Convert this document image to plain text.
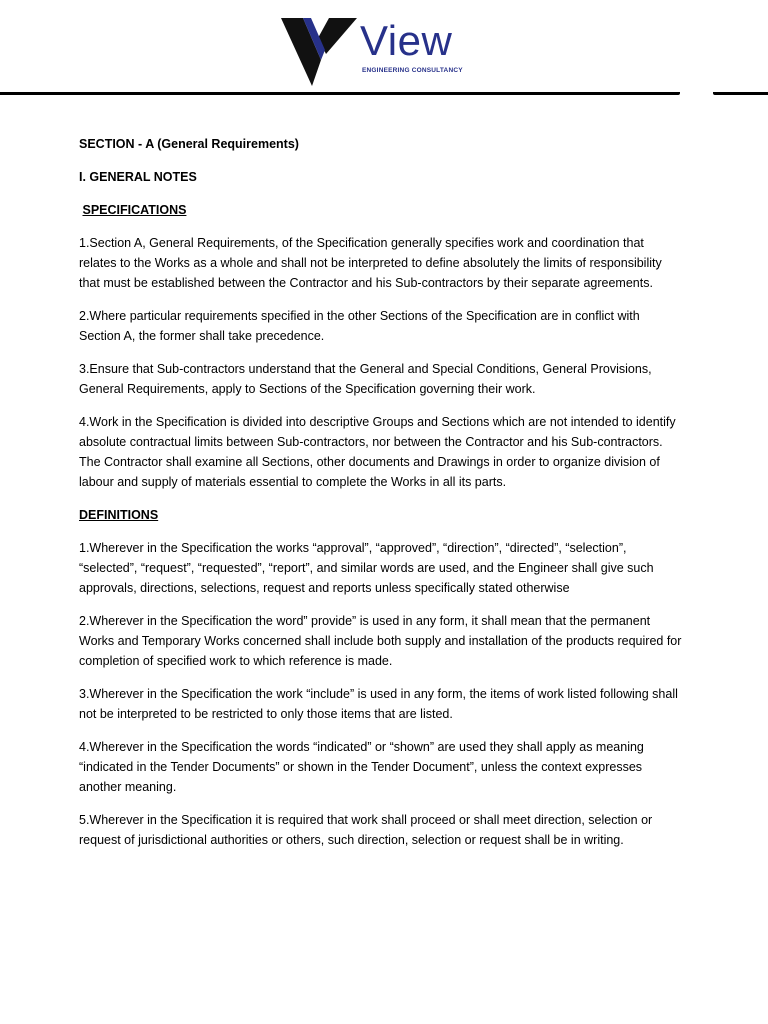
View
ENGINEERING CONSULTANCY

SECTION - A (General Requirements)

I. GENERAL NOTES

SPECIFICATIONS

1.Section A, General Requirements, of the Specification generally specifies work and coordination that relates to the Works as a whole and shall not be interpreted to define absolutely the limits of responsibility that must be established between the Contractor and his Sub-contractors by their separate agreements.

2.Where particular requirements specified in the other Sections of the Specification are in conflict with Section A, the former shall take precedence.

3.Ensure that Sub-contractors understand that the General and Special Conditions, General Provisions, General Requirements, apply to Sections of the Specification governing their work.

4.Work in the Specification is divided into descriptive Groups and Sections which are not intended to identify absolute contractual limits between Sub-contractors, nor between the Contractor and his Sub-contractors. The Contractor shall examine all Sections, other documents and Drawings in order to organize division of labour and supply of materials essential to complete the Works in all its parts.

DEFINITIONS

1.Wherever in the Specification the works “approval”, “approved”, “direction”, “directed”, “selection”, “selected”, “request”, “requested”, “report”, and similar words are used, and the Engineer shall give such approvals, directions, selections, request and reports unless specifically stated otherwise

2.Wherever in the Specification the word” provide” is used in any form, it shall mean that the permanent Works and Temporary Works concerned shall include both supply and installation of the products required for completion of specified work to which reference is made.

3.Wherever in the Specification the work “include” is used in any form, the items of work listed following shall not be interpreted to be restricted to only those items that are listed.

4.Wherever in the Specification the words “indicated” or “shown” are used they shall apply as meaning “indicated in the Tender Documents” or shown in the Tender Document”, unless the context expresses another meaning.

5.Wherever in the Specification it is required that work shall proceed or shall meet direction, selection or request of jurisdictional authorities or others, such direction, selection or request shall be in writing.
